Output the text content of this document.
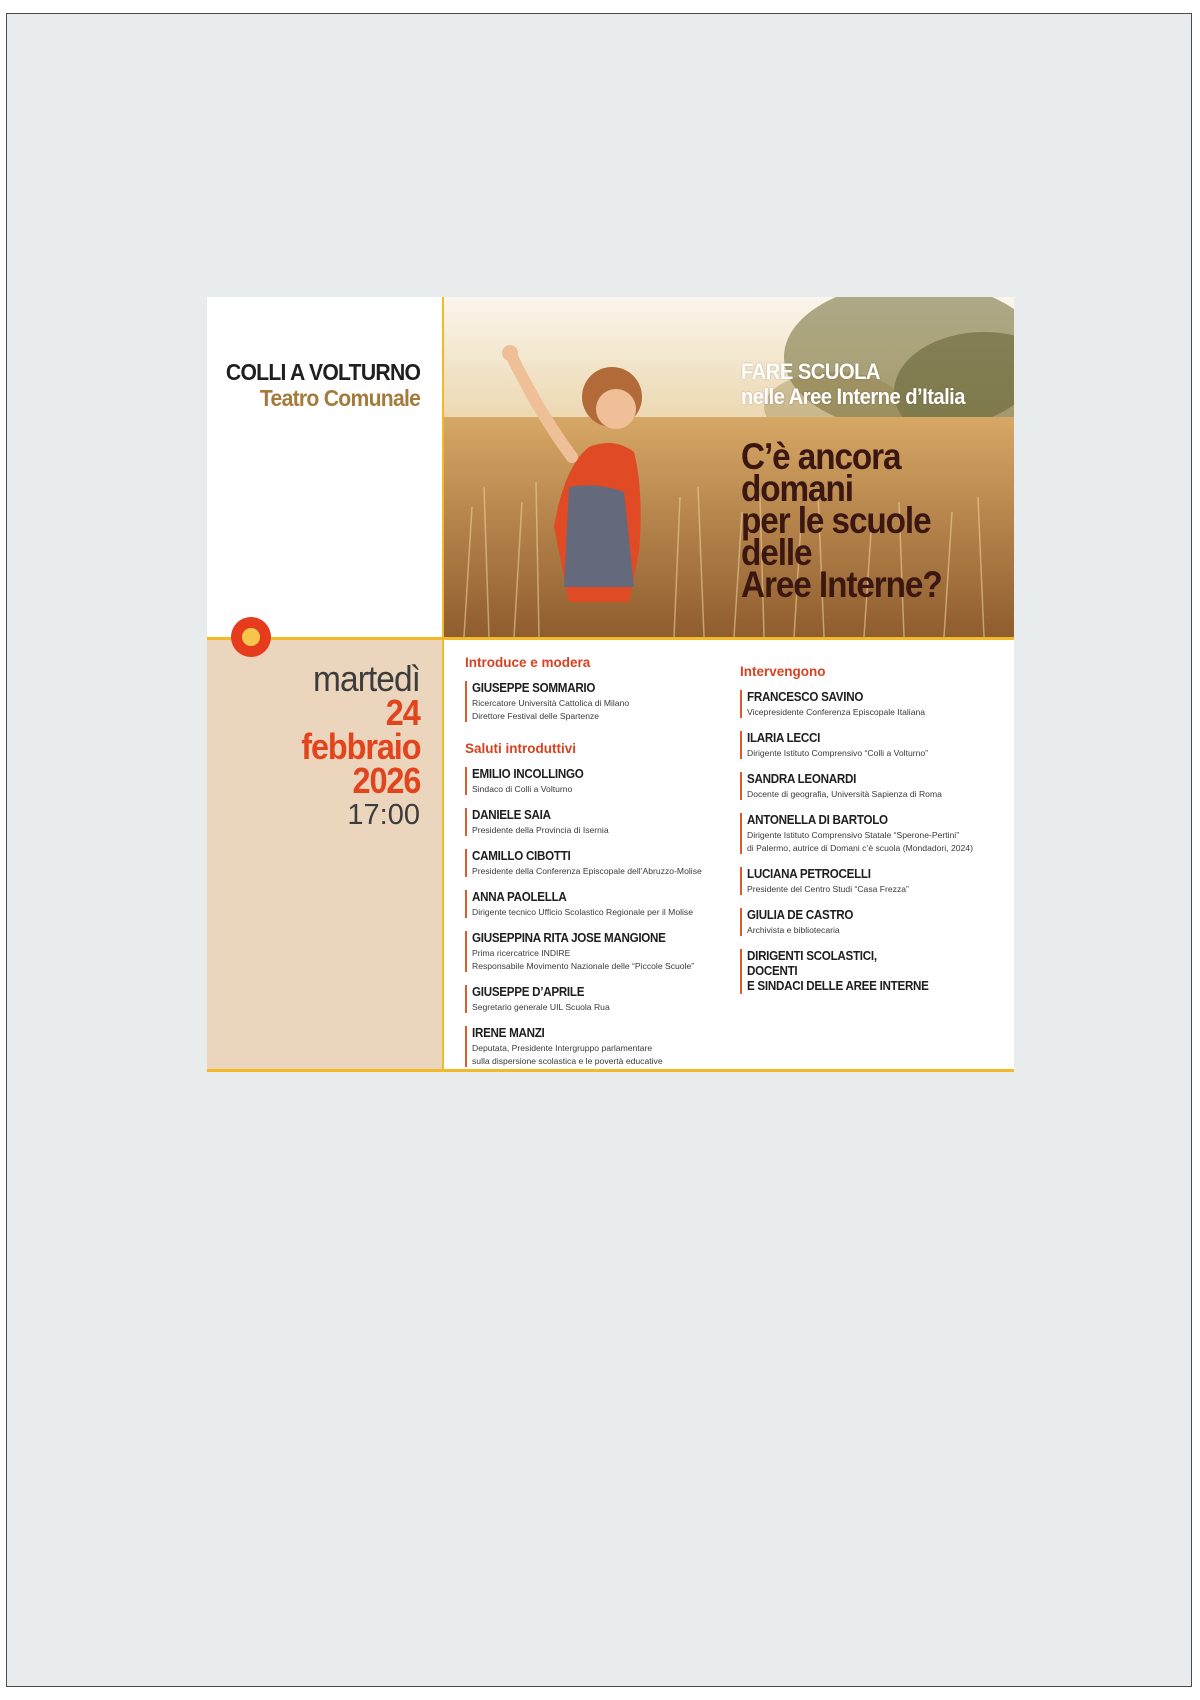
COLLI A VOLTURNO
Teatro Comunale
FARE SCUOLA
nelle Aree Interne d’Italia
C’è ancora
domani
per le scuole
delle
Aree Interne?
martedì
24
febbraio
2026
17:00
Introduce e modera
GIUSEPPE SOMMARIO
Ricercatore Università Cattolica di Milano
Direttore Festival delle Spartenze
Saluti introduttivi
EMILIO INCOLLINGO
Sindaco di Colli a Volturno
DANIELE SAIA
Presidente della Provincia di Isernia
CAMILLO CIBOTTI
Presidente della Conferenza Episcopale dell’Abruzzo-Molise
ANNA PAOLELLA
Dirigente tecnico Ufficio Scolastico Regionale per il Molise
GIUSEPPINA RITA JOSE MANGIONE
Prima ricercatrice INDIRE
Responsabile Movimento Nazionale delle “Piccole Scuole”
GIUSEPPE D’APRILE
Segretario generale UIL Scuola Rua
IRENE MANZI
Deputata, Presidente Intergruppo parlamentare
sulla dispersione scolastica e le povertà educative
Intervengono
FRANCESCO SAVINO
Vicepresidente Conferenza Episcopale Italiana
ILARIA LECCI
Dirigente Istituto Comprensivo “Colli a Volturno”
SANDRA LEONARDI
Docente di geografia, Università Sapienza di Roma
ANTONELLA DI BARTOLO
Dirigente Istituto Comprensivo Statale “Sperone-Pertini”
di Palermo, autrice di Domani c’è scuola (Mondadori, 2024)
LUCIANA PETROCELLI
Presidente del Centro Studi “Casa Frezza”
GIULIA DE CASTRO
Archivista e bibliotecaria
DIRIGENTI SCOLASTICI,
DOCENTI
E SINDACI DELLE AREE INTERNE
